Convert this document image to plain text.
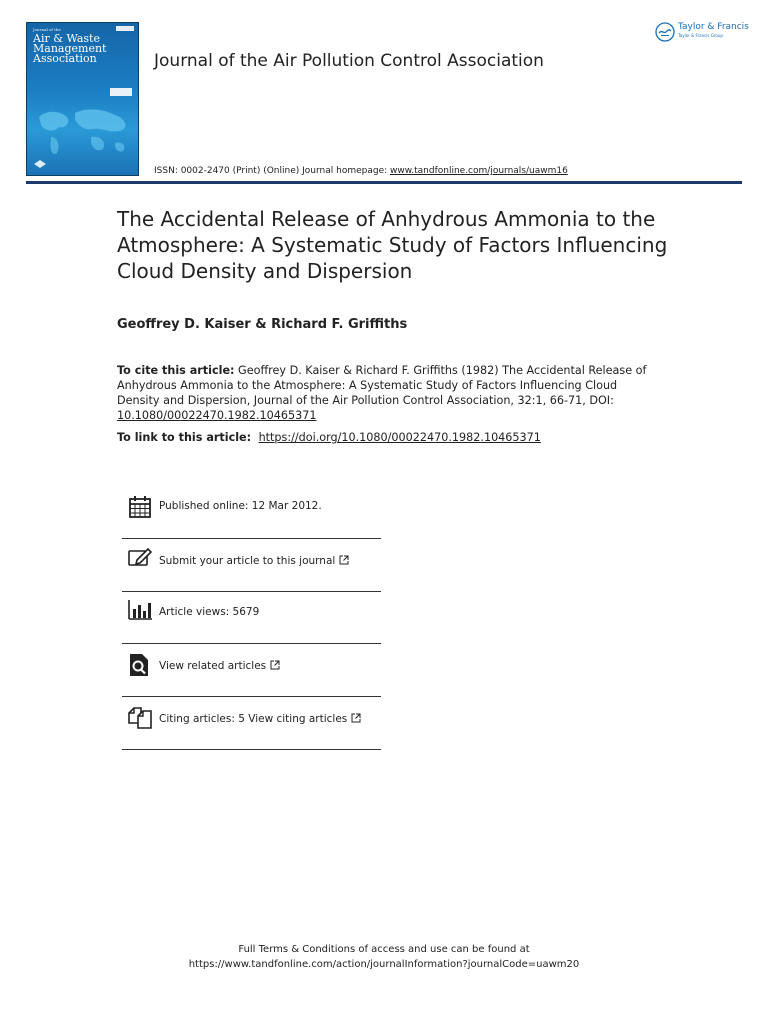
Journal of the
Air & Waste
Management
Association	Journal of the Air Pollution Control Association
ISSN: 0002-2470 (Print) (Online) Journal homepage: www.tandfonline.com/journals/uawm16
Taylor & Francis
Taylor & Francis Group
The Accidental Release of Anhydrous Ammonia to the Atmosphere: A Systematic Study of Factors Influencing Cloud Density and Dispersion
Geoffrey D. Kaiser & Richard F. Griffiths
To cite this article: Geoffrey D. Kaiser & Richard F. Griffiths (1982) The Accidental Release of Anhydrous Ammonia to the Atmosphere: A Systematic Study of Factors Influencing Cloud Density and Dispersion, Journal of the Air Pollution Control Association, 32:1, 66-71, DOI: 10.1080/00022470.1982.10465371
To link to this article:  https://doi.org/10.1080/00022470.1982.10465371
Published online: 12 Mar 2012.
Submit your article to this journal
Article views: 5679
View related articles
Citing articles: 5 View citing articles
Full Terms & Conditions of access and use can be found at
https://www.tandfonline.com/action/journalInformation?journalCode=uawm20
